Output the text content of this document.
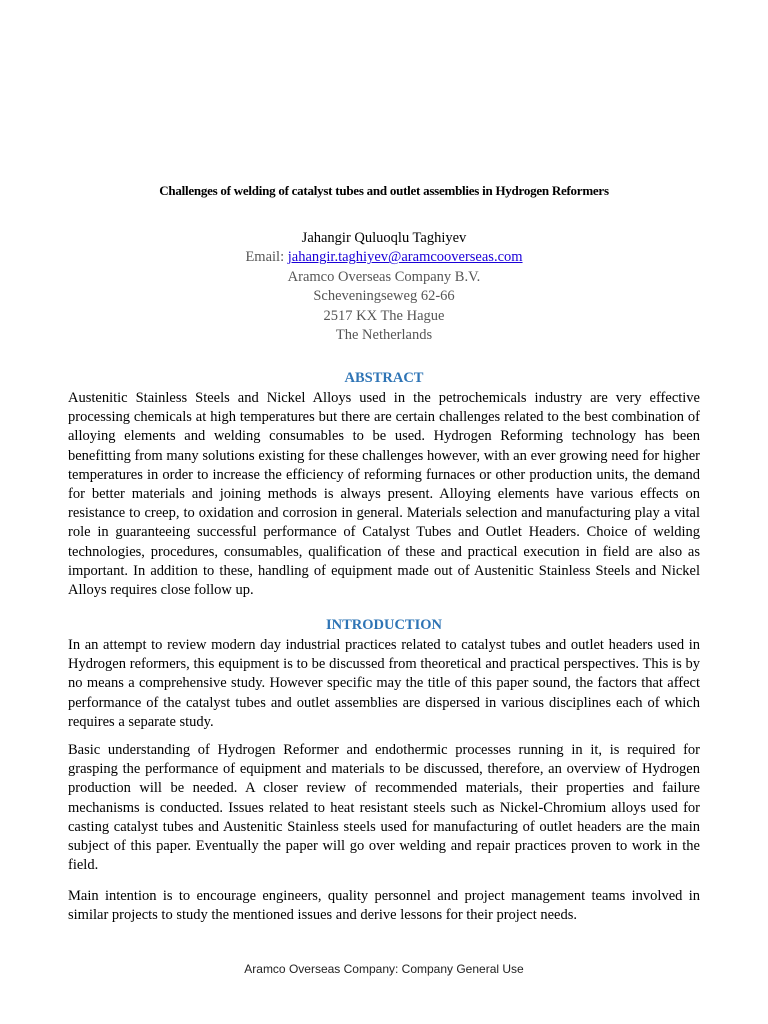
Challenges of welding of catalyst tubes and outlet assemblies in Hydrogen Reformers
Jahangir Quluoqlu Taghiyev
Email: jahangir.taghiyev@aramcooverseas.com
Aramco Overseas Company B.V.
Scheveningseweg 62-66
2517 KX The Hague
The Netherlands
ABSTRACT

Austenitic Stainless Steels and Nickel Alloys used in the petrochemicals industry are very effective processing chemicals at high temperatures but there are certain challenges related to the best combination of alloying elements and welding consumables to be used. Hydrogen Reforming technology has been benefitting from many solutions existing for these challenges however, with an ever growing need for higher temperatures in order to increase the efficiency of reforming furnaces or other production units, the demand for better materials and joining methods is always present. Alloying elements have various effects on resistance to creep, to oxidation and corrosion in general. Materials selection and manufacturing play a vital role in guaranteeing successful performance of Catalyst Tubes and Outlet Headers. Choice of welding technologies, procedures, consumables, qualification of these and practical execution in field are also as important. In addition to these, handling of equipment made out of Austenitic Stainless Steels and Nickel Alloys requires close follow up.

INTRODUCTION

In an attempt to review modern day industrial practices related to catalyst tubes and outlet headers used in Hydrogen reformers, this equipment is to be discussed from theoretical and practical perspectives. This is by no means a comprehensive study. However specific may the title of this paper sound, the factors that affect performance of the catalyst tubes and outlet assemblies are dispersed in various disciplines each of which requires a separate study.

Basic understanding of Hydrogen Reformer and endothermic processes running in it, is required for grasping the performance of equipment and materials to be discussed, therefore, an overview of Hydrogen production will be needed. A closer review of recommended materials, their properties and failure mechanisms is conducted. Issues related to heat resistant steels such as Nickel-Chromium alloys used for casting catalyst tubes and Austenitic Stainless steels used for manufacturing of outlet headers are the main subject of this paper. Eventually the paper will go over welding and repair practices proven to work in the field.

Main intention is to encourage engineers, quality personnel and project management teams involved in similar projects to study the mentioned issues and derive lessons for their project needs.

Aramco Overseas Company: Company General Use
